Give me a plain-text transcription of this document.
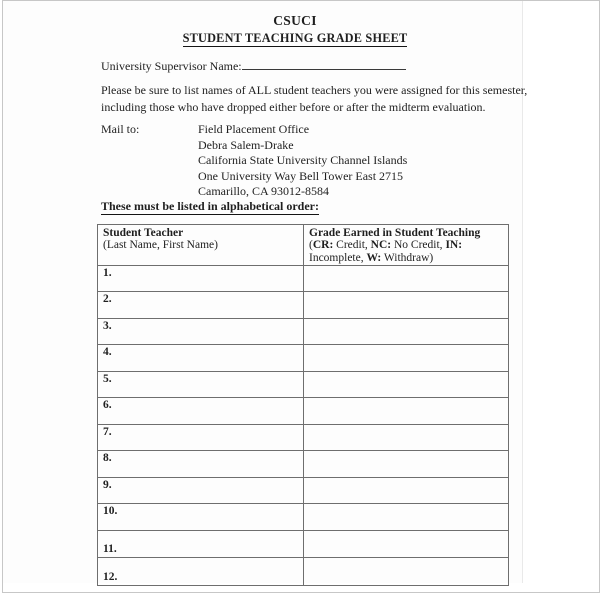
CSUCI
STUDENT TEACHING GRADE SHEET
University Supervisor Name:
Please be sure to list names of ALL student teachers you were assigned for this semester,
including those who have dropped either before or after the midterm evaluation.
Mail to:	Field Placement Office
Debra Salem-Drake
California State University Channel Islands
One University Way Bell Tower East 2715
Camarillo, CA 93012-8584
These must be listed in alphabetical order:
Student Teacher
(Last Name, First Name)	Grade Earned in Student Teaching (CR: Credit, NC: No Credit, IN: Incomplete, W: Withdraw)
1.	
2.	
3.	
4.	
5.	
6.	
7.	
8.	
9.	
10.	
11.	
12.	
